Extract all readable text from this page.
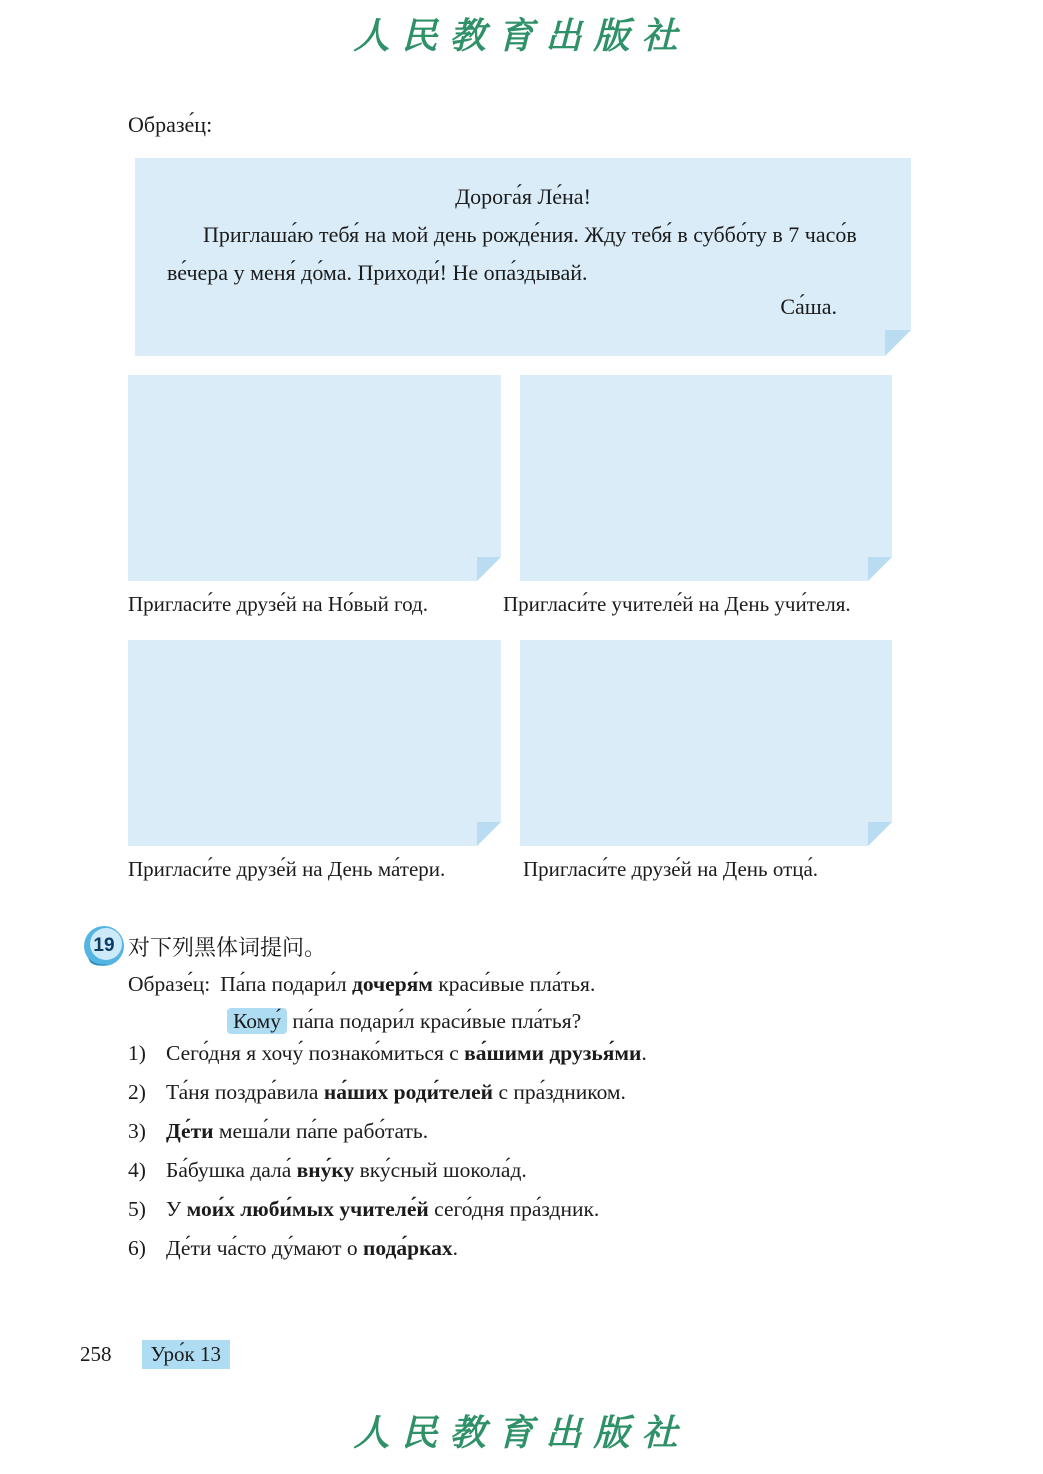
人民教育出版社
Образе́ц:
Дорога́я Ле́на!
Приглаша́ю тебя́ на мой день рожде́ния. Жду тебя́ в суббо́ту в 7 часо́в ве́чера у меня́ до́ма. Приходи́! Не опа́здывай.
Са́ша.
Пригласи́те друзе́й на Но́вый год.	Пригласи́те учителе́й на День учи́теля.
Пригласи́те друзе́й на День ма́тери.	Пригласи́те друзе́й на День отца́.
19 对下列黑体词提问。
Образе́ц: Па́па подари́л дочеря́м краси́вые пла́тья.
Кому́ па́па подари́л краси́вые пла́тья?
1) Сего́дня я хочу́ познако́миться с ва́шими друзья́ми.
2) Та́ня поздра́вила на́ших роди́телей с пра́здником.
3) Де́ти меша́ли па́пе рабо́тать.
4) Ба́бушка дала́ вну́ку вку́сный шокола́д.
5) У мои́х люби́мых учителе́й сего́дня пра́здник.
6) Де́ти ча́сто ду́мают о пода́рках.
258	Уро́к 13
人民教育出版社
